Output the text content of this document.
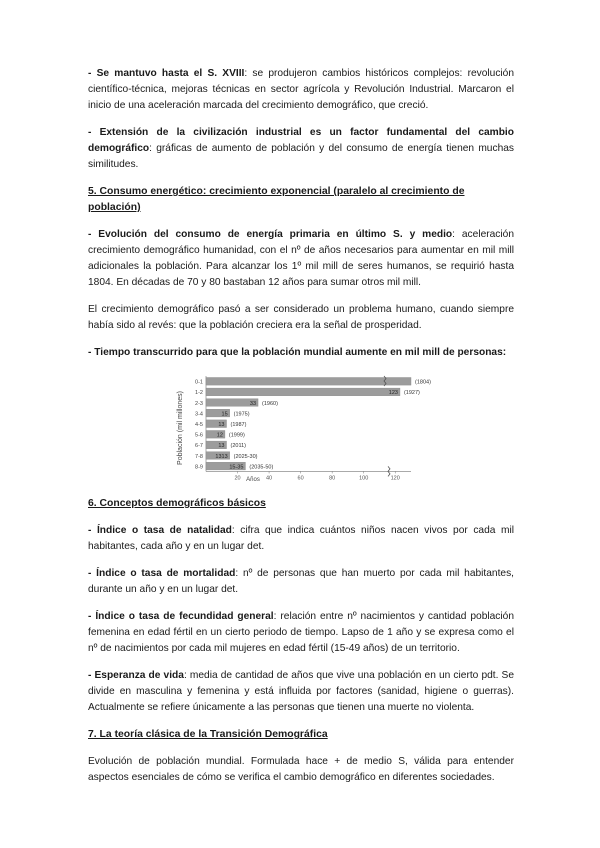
- Se mantuvo hasta el S. XVIII: se produjeron cambios históricos complejos: revolución científico-técnica, mejoras técnicas en sector agrícola y Revolución Industrial. Marcaron el inicio de una aceleración marcada del crecimiento demográfico, que creció.

- Extensión de la civilización industrial es un factor fundamental del cambio demográfico: gráficas de aumento de población y del consumo de energía tienen muchas similitudes.

5. Consumo energético: crecimiento exponencial (paralelo al crecimiento de población)

- Evolución del consumo de energía primaria en último S. y medio: aceleración crecimiento demográfico humanidad, con el nº de años necesarios para aumentar en mil mill adicionales la población. Para alcanzar los 1º mil mill de seres humanos, se requirió hasta 1804. En décadas de 70 y 80 bastaban 12 años para sumar otros mil mill.

El crecimiento demográfico pasó a ser considerado un problema humano, cuando siempre había sido al revés: que la población creciera era la señal de prosperidad.

- Tiempo transcurrido para que la población mundial aumente en mil mill de personas:

Población (mil millones)
Años
20	40	60	80	100	120
0-1	(1804)
1-2	123 (1927)
2-3	33 (1960)
3-4	15 (1975)
4-5	13 (1987)
5-6	12 (1999)
6-7	13 (2011)
7-8 1313 (2025-30)
8-9	15-35 (2035-50)
6. Conceptos demográficos básicos

- Índice o tasa de natalidad: cifra que indica cuántos niños nacen vivos por cada mil habitantes, cada año y en un lugar det.

- Índice o tasa de mortalidad: nº de personas que han muerto por cada mil habitantes, durante un año y en un lugar det.

- Índice o tasa de fecundidad general: relación entre nº nacimientos y cantidad población femenina en edad fértil en un cierto periodo de tiempo. Lapso de 1 año y se expresa como el nº de nacimientos por cada mil mujeres en edad fértil (15-49 años) de un territorio.

- Esperanza de vida: media de cantidad de años que vive una población en un cierto pdt. Se divide en masculina y femenina y está influida por factores (sanidad, higiene o guerras). Actualmente se refiere únicamente a las personas que tienen una muerte no violenta.

7. La teoría clásica de la Transición Demográfica

Evolución de población mundial. Formulada hace + de medio S, válida para entender aspectos esenciales de cómo se verifica el cambio demográfico en diferentes sociedades.
